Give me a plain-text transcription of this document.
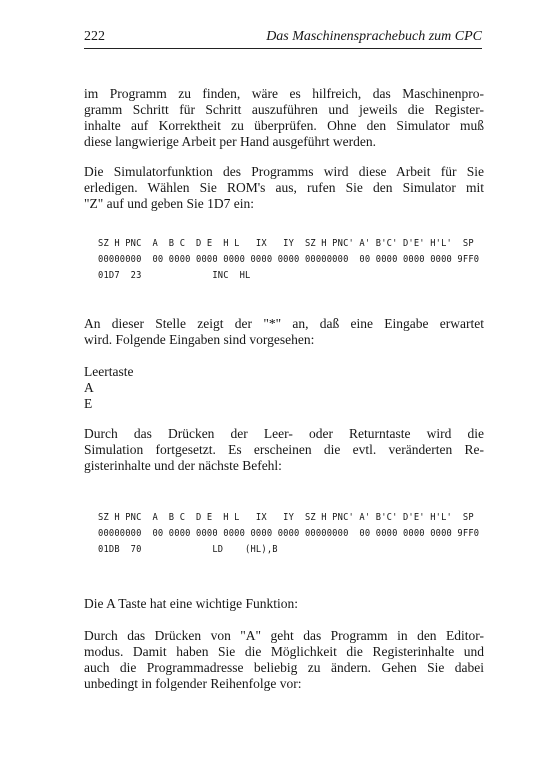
222	Das Maschinensprachebuch zum CPC

im Programm zu finden, wäre es hilfreich, das Maschinenpro-
gramm Schritt für Schritt auszuführen und jeweils die Register-
inhalte auf Korrektheit zu überprüfen. Ohne den Simulator muß
diese langwierige Arbeit per Hand ausgeführt werden.

Die Simulatorfunktion des Programms wird diese Arbeit für Sie
erledigen. Wählen Sie ROM's aus, rufen Sie den Simulator mit
"Z" auf und geben Sie 1D7 ein:

SZ H PNC  A  B C  D E  H L   IX   IY  SZ H PNC' A' B'C' D'E' H'L'  SP
00000000  00 0000 0000 0000 0000 0000 00000000  00 0000 0000 0000 9FF0
01D7  23             INC  HL

An dieser Stelle zeigt der "*" an, daß eine Eingabe erwartet
wird. Folgende Eingaben sind vorgesehen:

Leertaste
A
E

Durch das Drücken der Leer- oder Returntaste wird die
Simulation fortgesetzt. Es erscheinen die evtl. veränderten Re-
gisterinhalte und der nächste Befehl:

SZ H PNC  A  B C  D E  H L   IX   IY  SZ H PNC' A' B'C' D'E' H'L'  SP
00000000  00 0000 0000 0000 0000 0000 00000000  00 0000 0000 0000 9FF0
01DB  70             LD    (HL),B

Die A Taste hat eine wichtige Funktion:

Durch das Drücken von "A" geht das Programm in den Editor-
modus. Damit haben Sie die Möglichkeit die Registerinhalte und
auch die Programmadresse beliebig zu ändern. Gehen Sie dabei
unbedingt in folgender Reihenfolge vor:
